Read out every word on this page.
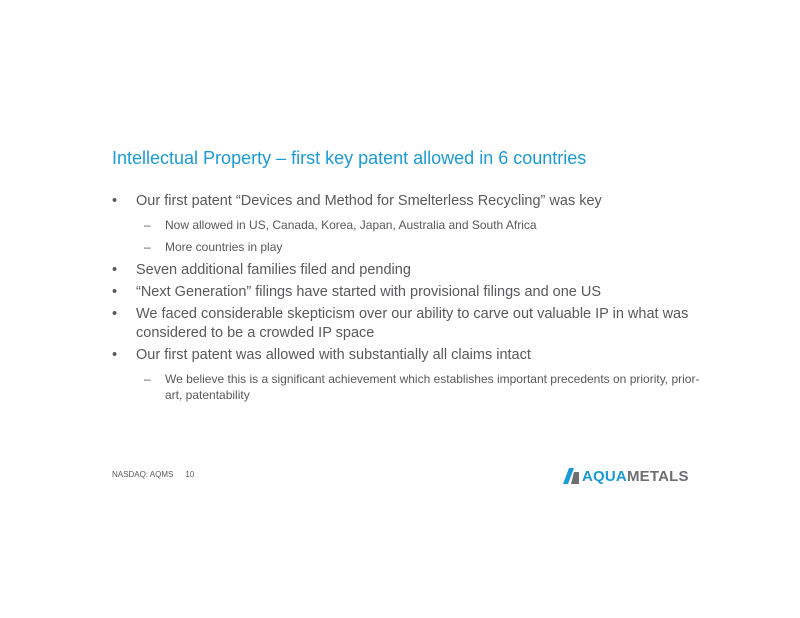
Intellectual Property – first key patent allowed in 6 countries
• Our first patent “Devices and Method for Smelterless Recycling” was key
– Now allowed in US, Canada, Korea, Japan, Australia and South Africa
– More countries in play
• Seven additional families filed and pending
• “Next Generation” filings have started with provisional filings and one US
• We faced considerable skepticism over our ability to carve out valuable IP in what was considered to be a crowded IP space
• Our first patent was allowed with substantially all claims intact
– We believe this is a significant achievement which establishes important precedents on priority, prior-art, patentability
NASDAQ: AQMS 10	AQUAMETALS
